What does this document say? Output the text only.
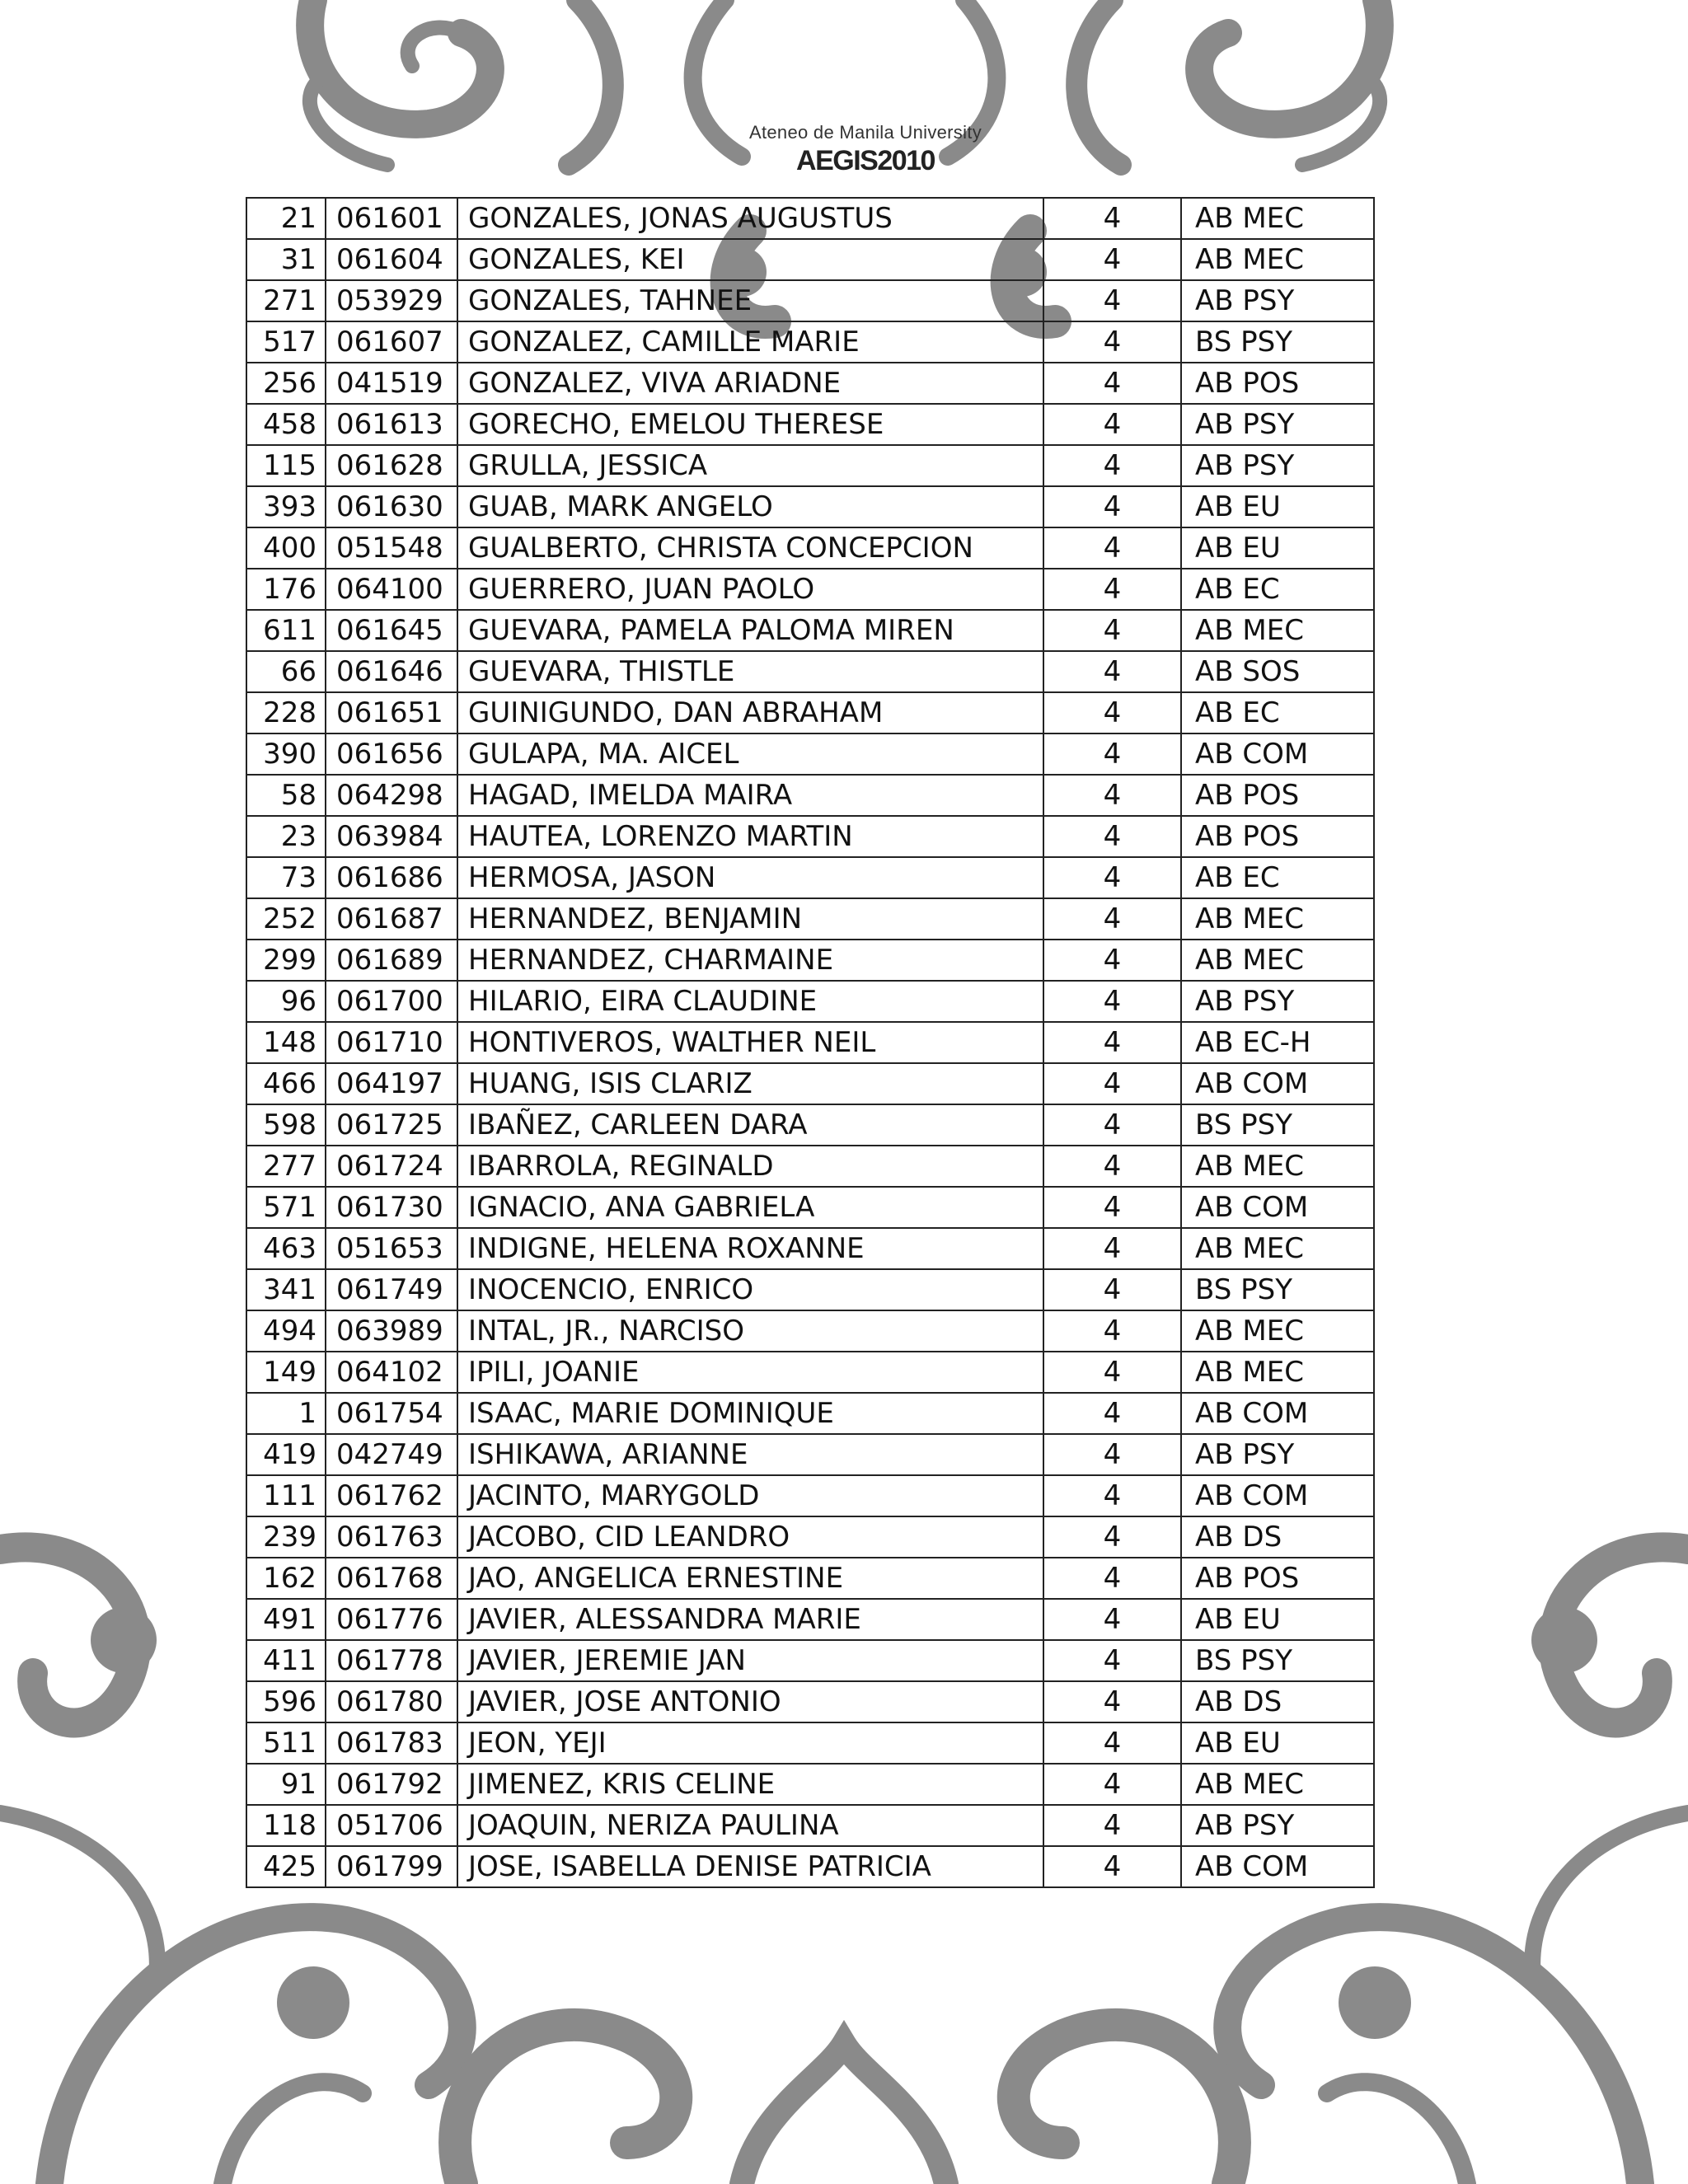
Ateneo de Manila University
AEGIS2010
21	061601	GONZALES, JONAS AUGUSTUS	4	AB MEC
31	061604	GONZALES, KEI	4	AB MEC
271	053929	GONZALES, TAHNEE	4	AB PSY
517	061607	GONZALEZ, CAMILLE MARIE	4	BS PSY
256	041519	GONZALEZ, VIVA ARIADNE	4	AB POS
458	061613	GORECHO, EMELOU THERESE	4	AB PSY
115	061628	GRULLA, JESSICA	4	AB PSY
393	061630	GUAB, MARK ANGELO	4	AB EU
400	051548	GUALBERTO, CHRISTA CONCEPCION	4	AB EU
176	064100	GUERRERO, JUAN PAOLO	4	AB EC
611	061645	GUEVARA, PAMELA PALOMA MIREN	4	AB MEC
66	061646	GUEVARA, THISTLE	4	AB SOS
228	061651	GUINIGUNDO, DAN ABRAHAM	4	AB EC
390	061656	GULAPA, MA. AICEL	4	AB COM
58	064298	HAGAD, IMELDA MAIRA	4	AB POS
23	063984	HAUTEA, LORENZO MARTIN	4	AB POS
73	061686	HERMOSA, JASON	4	AB EC
252	061687	HERNANDEZ, BENJAMIN	4	AB MEC
299	061689	HERNANDEZ, CHARMAINE	4	AB MEC
96	061700	HILARIO, EIRA CLAUDINE	4	AB PSY
148	061710	HONTIVEROS, WALTHER NEIL	4	AB EC-H
466	064197	HUANG, ISIS CLARIZ	4	AB COM
598	061725	IBAÑEZ, CARLEEN DARA	4	BS PSY
277	061724	IBARROLA, REGINALD	4	AB MEC
571	061730	IGNACIO, ANA GABRIELA	4	AB COM
463	051653	INDIGNE, HELENA ROXANNE	4	AB MEC
341	061749	INOCENCIO, ENRICO	4	BS PSY
494	063989	INTAL, JR., NARCISO	4	AB MEC
149	064102	IPILI, JOANIE	4	AB MEC
1	061754	ISAAC, MARIE DOMINIQUE	4	AB COM
419	042749	ISHIKAWA, ARIANNE	4	AB PSY
111	061762	JACINTO, MARYGOLD	4	AB COM
239	061763	JACOBO, CID LEANDRO	4	AB DS
162	061768	JAO, ANGELICA ERNESTINE	4	AB POS
491	061776	JAVIER, ALESSANDRA MARIE	4	AB EU
411	061778	JAVIER, JEREMIE JAN	4	BS PSY
596	061780	JAVIER, JOSE ANTONIO	4	AB DS
511	061783	JEON, YEJI	4	AB EU
91	061792	JIMENEZ, KRIS CELINE	4	AB MEC
118	051706	JOAQUIN, NERIZA PAULINA	4	AB PSY
425	061799	JOSE, ISABELLA DENISE PATRICIA	4	AB COM
